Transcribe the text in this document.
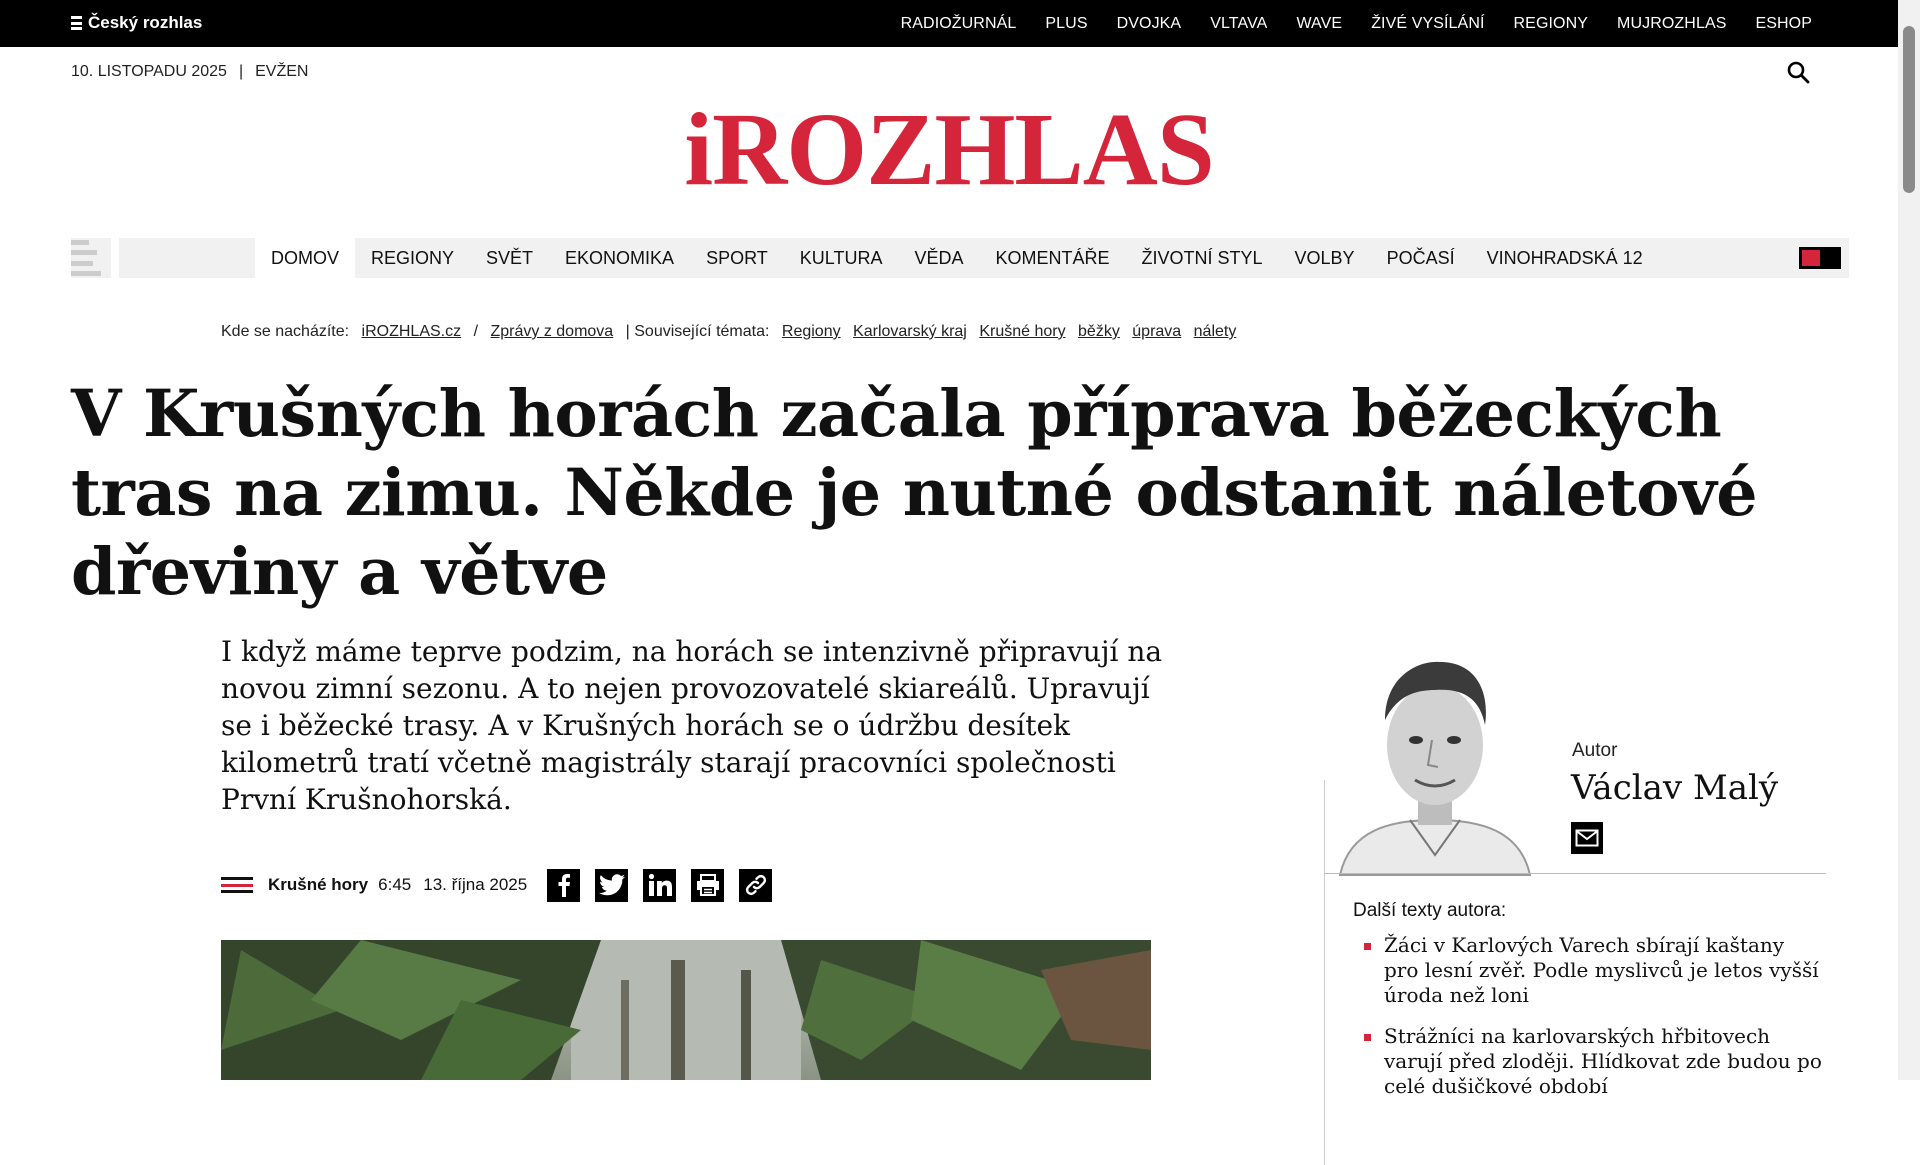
Český rozhlas	RADIOŽURNÁL PLUS DVOJKA VLTAVA WAVE ŽIVÉ VYSÍLÁNÍ REGIONY MUJROZHLAS ESHOP
10. LISTOPADU 2025 | EVŽEN
iROZHLAS
DOMOV	REGIONY	SVĚT	EKONOMIKA	SPORT	KULTURA	VĚDA	KOMENTÁŘE	ŽIVOTNÍ STYL	VOLBY	POČASÍ	VINOHRADSKÁ 12
Kde se nacházíte: iROZHLAS.cz / Zprávy z domova | Související témata: Regiony Karlovarský kraj Krušné hory běžky úprava nálety
V Krušných horách začala příprava běžeckých tras na zimu. Někde je nutné odstanit náletové dřeviny a větve

I když máme teprve podzim, na horách se intenzivně připravují na novou zimní sezonu. A to nejen provozovatelé skiareálů. Upravují se i běžecké trasy. A v Krušných horách se o údržbu desítek kilometrů tratí včetně magistrály starají pracovníci společnosti První Krušnohorská.

Krušné hory 6:45 13. října 2025
Autor
Václav Malý
Další texty autora:
Žáci v Karlových Varech sbírají kaštany pro lesní zvěř. Podle myslivců je letos vyšší úroda než loni
Strážníci na karlovarských hřbitovech varují před zloději. Hlídkovat zde budou po celé dušičkové období
